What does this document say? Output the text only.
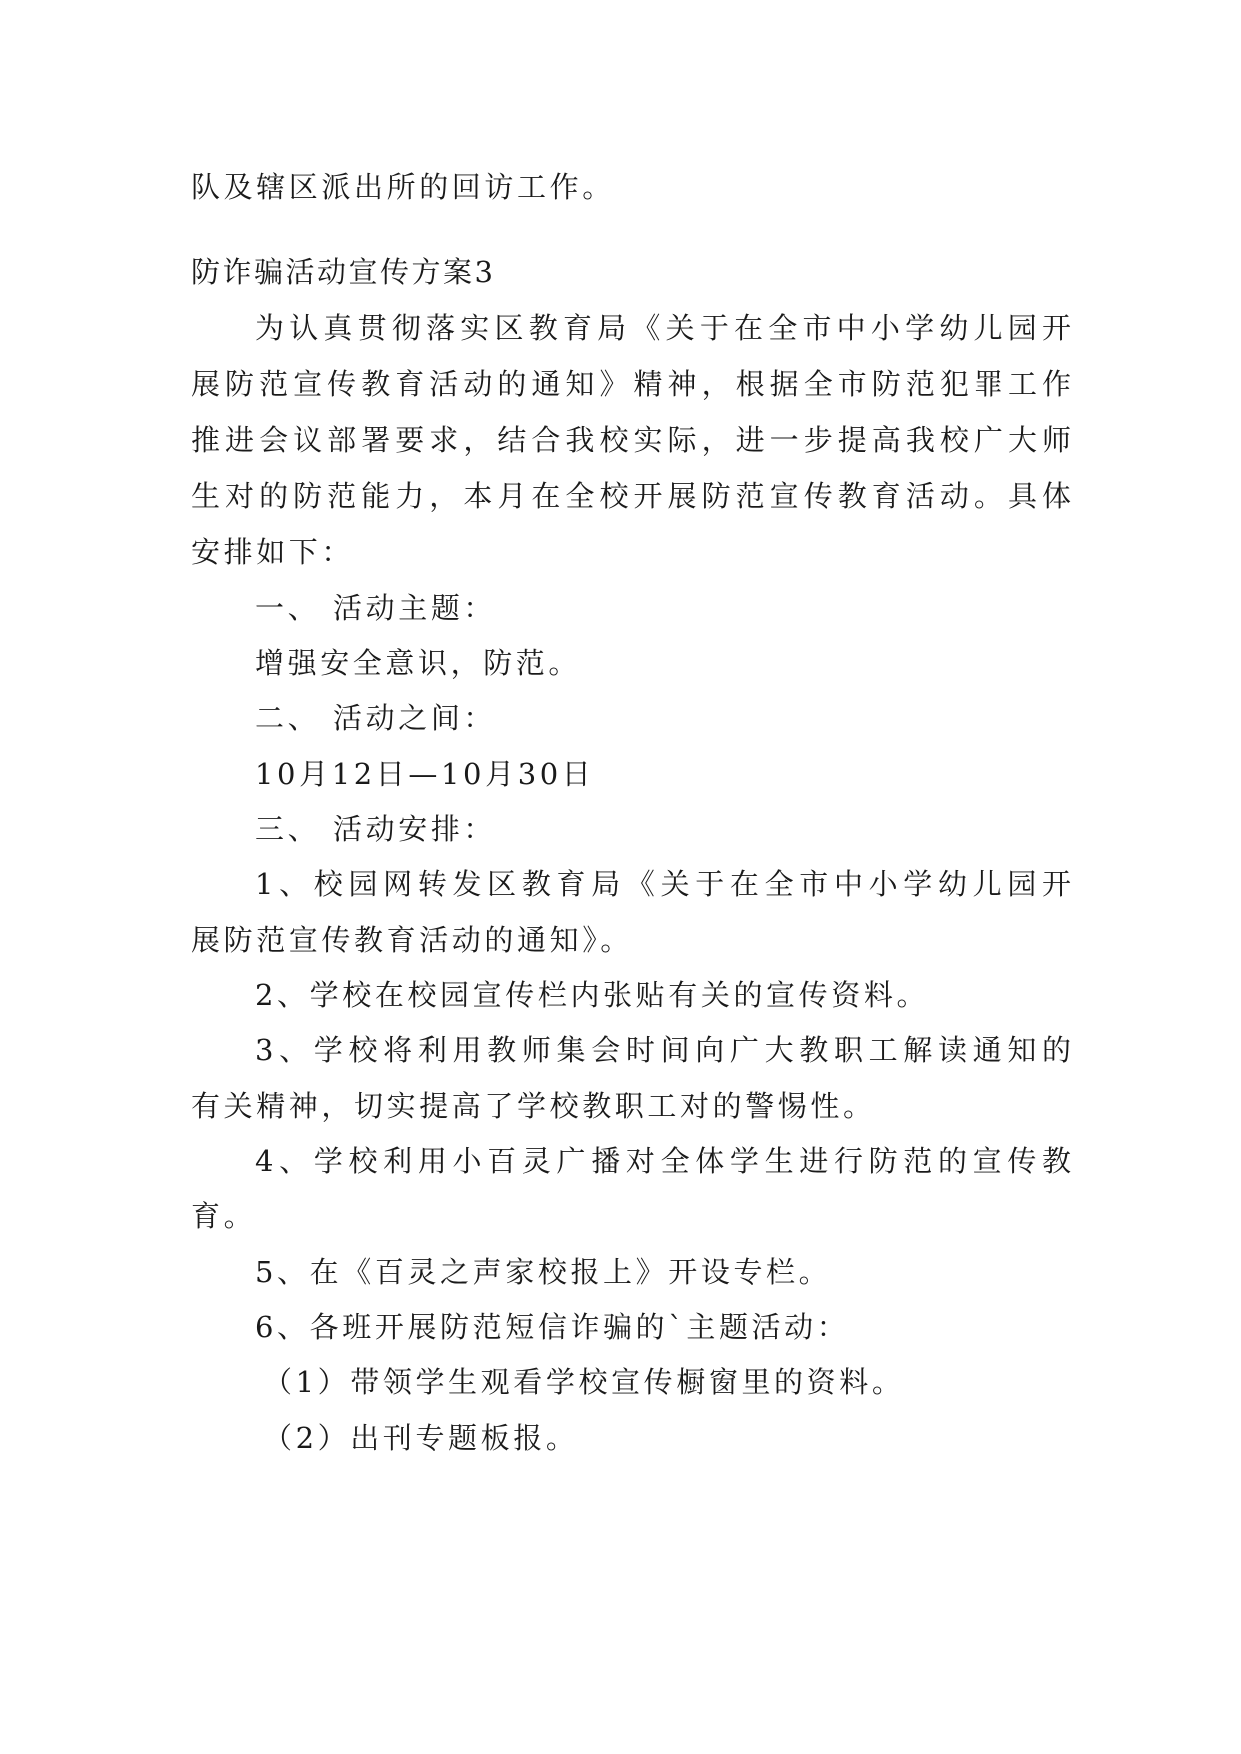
队及辖区派出所的回访工作。
防诈骗活动宣传方案3
为认真贯彻落实区教育局《关于在全市中小学幼儿园开
展防范宣传教育活动的通知》精神，根据全市防范犯罪工作
推进会议部署要求，结合我校实际，进一步提高我校广大师
生对的防范能力，本月在全校开展防范宣传教育活动。具体
安排如下：
一、 活动主题：
增强安全意识，防范。
二、 活动之间：
10月12日—10月30日
三、 活动安排：
1、校园网转发区教育局《关于在全市中小学幼儿园开
展防范宣传教育活动的通知》。
2、学校在校园宣传栏内张贴有关的宣传资料。
3、学校将利用教师集会时间向广大教职工解读通知的
有关精神，切实提高了学校教职工对的警惕性。
4、学校利用小百灵广播对全体学生进行防范的宣传教
育。
5、在《百灵之声家校报上》开设专栏。
6、各班开展防范短信诈骗的`主题活动：
（1）带领学生观看学校宣传橱窗里的资料。
（2）出刊专题板报。
